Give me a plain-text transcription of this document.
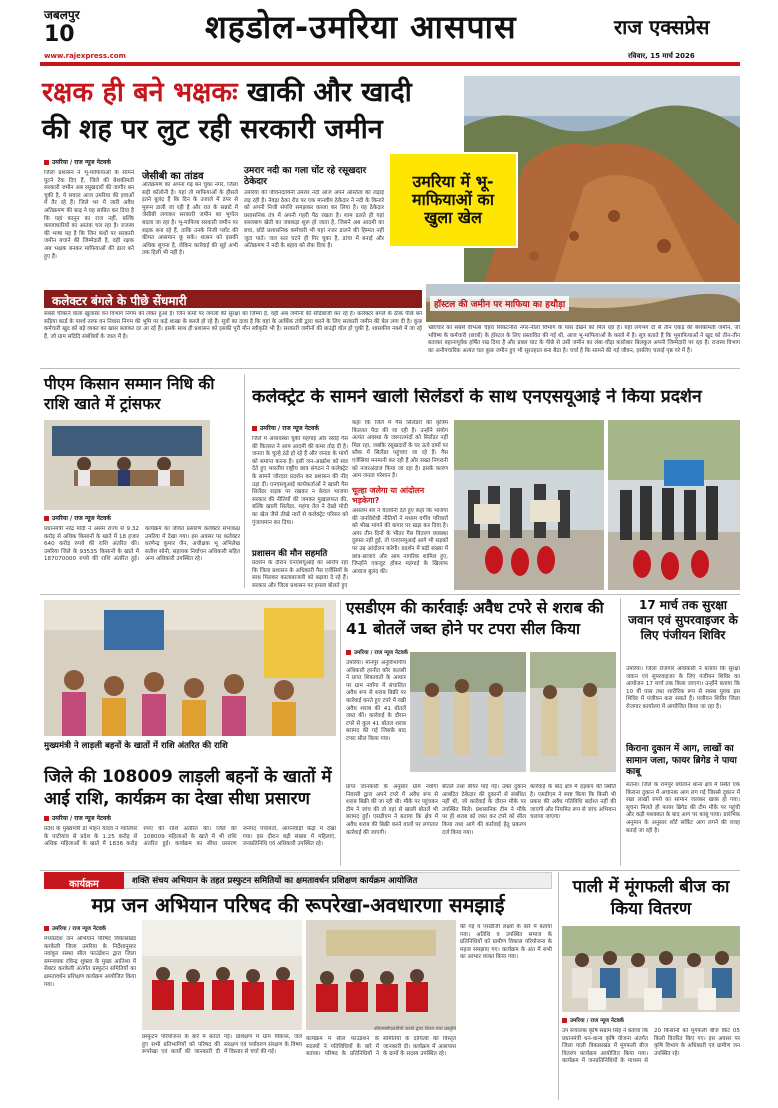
जबलपुर
10
www.rajexpress.com
शहडोल-उमरिया आसपास	राज एक्सप्रेस
रविवार, 15 मार्च 2026
रक्षक ही बने भक्षकः खाकी और खादी
की शह पर लुट रही सरकारी जमीन
उमरिया में भू-माफियाओं का खुला खेल
उमरिया / राज न्यूज नेटवर्क
जिला प्रशासन ने भू-माफियाओं के सामने घुटने टेक दिए हैं, जिले की बेशकीमती सरकारी जमीन अब रसूखदारों की जागीर बन चुकी है, ये सवाल आज उमरिया की हवाओं में तैर रहे हैं। जिले भर में जारी अवैध अतिक्रमण की बाढ़ ने यह साबित कर दिया है कि यहां कानून का राज नहीं, बल्कि कब्जाधारियों का आतंक चल रहा है। राजस्व की भाषा यह है कि जिन कंधों पर सरकारी जमीन बचाने की जिम्मेदारी है, वही रक्षक अब भक्षक बनकर माफियाओं की ढाल बने हुए हैं।
जेसीबी का तांडव
अतिक्रमण का अपना गढ़ बन चुका नगर, जिला सड़ी कॉलोनी है। यहां तो माफियाओं के हौसले इतने बुलंद हैं कि दिन के उजाले में डंपर से मुरूम डाली जा रही है और रात के सन्नाटे में जेसीबी लगाकर सरकारी जमीन का भूगोल बदला जा रहा है। भू-माफिया सरकारी जमीन पर सड़क बना रहे हैं, ताकि उनके निजी प्लॉट की कीमत आसमान छू सके। शासन को इसकी अधिक सूचना है, लेकिन कार्रवाई की सूई अभी तक हिली भी नहीं है।
उमरार नदी का गला घोंट रहे रसूखदार ठेकेदार
उमरिया की जीवनदायिनी उमरार नदी आज अपने अस्तित्व की लड़ाई लड़ रही है। नेवढ़ा ठेका रोड पर एक मानवीय ठेकेदार ने नदी के किनारे को अपनी निजी संपत्ति समझकर कब्जा कर लिया है। यह ठेकेदार प्रशासनिक तंत्र में अपनी गहरी पैठ रखता है। शाम ढलते ही यहां सब्जबाग खेती का जबकड़ा शुरू हो जाता है, जिसने अब आदमी का बचा, छोटे प्रशासनिक कर्मचारी भी यहां नजर डालने की हिम्मत नहीं जुटा पाते। जल स्तर घटने ही गिर चुका है, ढांचा में बनाई और अतिक्रमण ने नदी के बहाव को रोक दिया है।
कलेक्टर बंगले के पीछे सेंधमारी
सबसे चौंकाने वाला खुलासा वन विभाग निगम को लेकर हुआ है। जिन कर्मों पर जंगलों की सुरक्षा का जिम्मा है, वही अब जमीनों की सौदेबाजी कर रहे हैं। कलेक्टर बंगले के ठीक पीछे बने सड़िया कार्ड के पार्श्व तरफ वन निवास निगम की भूमि पर कड़े शाखा के कब्जे हो रहे हैं। सूत्रों का दावा है कि वहां के आर्थिक तंत्री द्वारा करने के लिए सरकारी जमीन की बेल लगा दी है। कुछ कर्मचारी खुद को बड़े व्यक्त का खास बताकर दर आ रहे हैं। इसके साथ ही प्रशासन को इसकी पूरी मौन स्वीकृति भी है। सरकारी जमीनों की बाउंड्री वॉल हो चुकी है, शासकीय नक्शे में जा रहे हैं, जो ग्राम सदिदि संबंधियों के जाल में है।
हॉस्टल की जमीन पर माफिया का हथौड़ा
भ्रष्टाचार का सबसे वीभत्स चेहरा सिकटनीरा नगर-नीला विभाग के पास देखने को मिल रहा है। यहाँ लगभग दो से तीन एकड़ की बेशकीमती जमीन, जो भविष्य के कर्मचारी (छात्रों) के हॉस्टल के लिए प्रस्तावित की गई थी, आज भू-माफियाओं के कब्जे में है। सूत्र बताते हैं कि भूमाफियाओं ने खुद को तीन-तीन बताकर बहानापूर्वक हर्षित रख दिया है और प्रबल घाट के पीछे से उसी जमीन का लंबा-चौड़ा कारोबार बिलकुल अपनी जिम्मेदारी पर रहा है। राजस्व विभाग का अनौपचारिक अत्यंत चल कुछ जमीन हुए भी सूरतहाल बना बैठा है। चर्चा है कि सामने की गई जीवन, इसलिए चलाई पृष्ठ परे में हैं।
पीएम किसान सम्मान निधि की राशि खाते में ट्रांसफर
उमरिया / राज न्यूज नेटवर्क
प्रधानमंत्री नरेंद्र मोदी ने असम राज्य से 9.32 करोड़ से अधिक किसानों के खाते में 18 हजार 640 करोड़ रुपये की राशि अंतरित की। उमरिया जिले के 93535 किसानों के खाते में 187070000 रुपये की राशि अंतरित हुई। कार्यक्रम का जीवंत प्रसारण कलेक्टर सभाकक्ष उमरिया में देखा गया। इस अवसर पर कलेक्टर धरणेन्द्र कुमार जैन, अधीक्षक भू अभिलेख सतीश सोनी, सहायक निर्वाचन अधिकारी सहित अन्य अधिकारी उपस्थित रहे।
कलेक्ट्रेट के सामने खाली सिलेंडरों के साथ एनएसयूआई ने किया प्रदर्शन
उमरिया / राज न्यूज नेटवर्क
जिले में अव्यवस्था चुकी महंगाई और रसोई गैस की किल्लत ने आम आदमी की कमर तोड़ दी है। जनता के चूल्हे ठंडे हो रहे हैं और जनता के मांगों को समाप्त करना है। इसी जन-आक्रोश को स्वर देते हुए भारतीय राष्ट्रीय छात्र संगठन ने कलेक्ट्रेट के सामने जोरदार प्रदर्शन कर प्रशासन की नींद उड़ा दी। एनएसयूआई कार्यकर्ताओं ने खाली गैस सिलेंडर सड़क पर रखकर न केवल भाजपा सरकार की नीतियों की जमकर मुखालफत की, बल्कि खाली सिलेंडर, महंगा तेल ने देखो मोदी का खेल जैसे तीखे नारों से कलेक्ट्रेट परिसर को गुंजायमान कर दिया।
प्रशासन की मौन सहमति
प्रदर्शन के दौरान एनएसयूआई का आरोप रहा कि जिला प्रशासन के अधिकारी गैस एजेंसियों के साथ मिलकर कालाबाजारी को बढ़ावा दे रहे हैं। सरकार और जिला प्रशासन पर हमला बोलते हुए
कहा कि जिले में गैस सिलेंडरों की कृत्रिम किल्लत पैदा की जा रही है। उन्होंने संयोग अत्यंत अवस्था के जरूरतमंदों को सिलेंडर नहीं मिल रहा, जबकि रसूखदारों के घर ऊंचे दामों पर ब्लैक में सिलेंडर पहुंचाए जा रहे हैं। गैस एजेंसियां मनमानी कर रही हैं और सख्त निगरानी को नजरअंदाज किया जा रहा है। इसके कारण आम जनता परेशान है।
चूल्हा जलेगा या आंदोलन भड़केगा?
असलम शेर ने चेतावनी देते हुए कहा कि भाजपा की जनविरोधी नीतियों ने मध्यम वर्गीय परिवारों को भीख मांगने की कगार पर खड़ा कर दिया है। अगर तीन दिनों के भीतर गैस वितरण व्यवस्था दुरुस्त नहीं हुई, तो एनएसयूआई आगे भी सड़कों पर उग्र आंदोलन करेगी। प्रदर्शन में बड़ी संख्या में छात्र-छात्राएं और आम नागरिक शामिल हुए, जिन्होंने एकजुट होकर महंगाई के खिलाफ आवाज बुलंद की।
मुख्यमंत्री ने लाड़ली बहनों के खातों में राशि अंतरित की राशि
जिले की 108009 लाड़ली बहनों के खातों में आई राशि, कार्यक्रम का देखा सीधा प्रसारण
उमरिया / राज न्यूज नेटवर्क
प्रदेश के मुख्यमंत्री डॉ मोहन यादव ने ग्वालियर के पाटीयांव से प्रदेश के 1.25 करोड़ से अधिक महिलाओं के खाते में 1836 करोड़ रुपए की राशि अंतरित की। जिले की 108009 महिलाओं के खाते में भी राशि अंतरित हुई। कार्यक्रम का सीधा प्रसारण जनपद पंचायतों, आंगनवाड़ी केंद्रों में देखा गया। इस दौरान बड़ी संख्या में महिलाएं, जनप्रतिनिधि एवं अधिकारी उपस्थित रहे।
एसडीएम की कार्रवाईः अवैध टपरे से शराब की 41 बोतलें जब्त होने पर टपरा सील किया
उमरिया / राज न्यूज नेटवर्क
उमरिया। मानपुर अनुविभागीय अधिकारी हरनीत कौर कलसी ने प्राप्त शिकायतों के आधार पर ग्राम नवाँगा में संचालित अवैध रूप से शराब बिक्री पर कार्रवाई करते हुए टपरे में रखी अवैध शराब की 41 बोतलें जब्त कीं। कार्रवाई के दौरान टपरे से कुल 41 बोतल शराब बरामद की गई जिसके बाद टपरा सील किया गया।
प्राप्त जानकारी के अनुसार ग्राम नवाँगा निवासी द्वारा अपने टपरे में अवैध रूप से शराब बिक्री की जा रही थी। मौके पर पहुंचकर टीम ने जांच की तो वहां से खाली बोतलें भी बरामद हुईं। एसडीएम ने बताया कि क्षेत्र में अवैध शराब की बिक्री करने वालों पर लगातार कार्रवाई की जाएगी।
बोतलें तथा बीयर पाई गई। उक्त दुकान आबंटित ठेकेदार की दुकानों से संबंधित नहीं थी, जो कार्रवाई के दौरान मौके पर उपस्थित मिले। प्रशासनिक टीम ने मौके पर ही शराब को जब्त कर टपरे को सील किया तथा आगे की कार्रवाई हेतु प्रकरण दर्ज किया गया।
कार्रवाई के बाद क्षेत्र में हड़कंप की स्थिति है। एसडीएम ने स्पष्ट किया कि किसी भी प्रकार की अवैध गतिविधि बर्दाश्त नहीं की जाएगी और नियमित रूप से जांच अभियान चलाया जाएगा।
17 मार्च तक सुरक्षा जवान एवं सुपरवाइजर के लिए पंजीयन शिविर
उमरिया। जिला रोजगार अधिकारी ने बताया कि सुरक्षा जवान एवं सुपरवाइजर के लिए पंजीयन शिविर का आयोजन 17 मार्च तक किया जाएगा। उन्होंने बताया कि 10 वीं पास तथा शारीरिक रूप से स्वस्थ युवक इस शिविर में पंजीयन करा सकते हैं। पंजीयन शिविर जिला रोजगार कार्यालय में आयोजित किया जा रहा है।
किराना दुकान में आग, लाखों का सामान जला, फायर ब्रिगेड ने पाया काबू
सतना। जिले के रामपुर बघेलान थाना क्षेत्र में स्थित एक किराना दुकान में अचानक आग लग गई जिससे दुकान में रखा लाखों रुपये का सामान जलकर खाक हो गया। सूचना मिलते ही फायर ब्रिगेड की टीम मौके पर पहुंची और कड़ी मशक्कत के बाद आग पर काबू पाया। प्रारंभिक अनुमान के अनुसार शॉर्ट सर्किट आग लगने की वजह बताई जा रही है।
कार्यक्रम	शक्ति संचय अभियान के तहत प्रस्फुटन समितियों का क्षमतावर्धन प्रशिक्षण कार्यक्रम आयोजित
मप्र जन अभियान परिषद की रूपरेखा-अवधारणा समझाई
उमरिया / राज न्यूज नेटवर्क
मध्यप्रदेश जन अभियान परिषद विकासखंड करकेली जिला उमरिया के निर्देशानुसार नवांकुर संस्था सील फाउंडेशन द्वारा जिला समन्वयक रविन्द्र शुक्ला के मुख्य आतिथ्य में सेक्टर करकेली अंतर्गत प्रस्फुटन समितियों का क्षमतावर्धन प्रशिक्षण कार्यक्रम आयोजित किया गया।
सीएमसीएलडीपी छात्रों द्वारा किया गया प्रस्तुति
प्रस्फुटन परियोजना के बारे में बताते हुए सभी प्रतिभागियों को परिषद की रूपरेखा एवं कार्यों की जानकारी दी गई। प्रशिक्षण में ग्राम विकास, जल संरक्षण एवं पर्यावरण संरक्षण के विषय में विस्तार से चर्चा की गई।
कार्यक्रम में सील फाउंडेशन के सदस्यों ने गतिविधियों के बारे में बताया। परिषद के प्रतिनिधियों ने समितियों के दायित्वों की विस्तृत जानकारी दी। कार्यक्रम में आसपास के ग्रामों के सदस्य उपस्थित रहे।
की गई व एसडीजी लक्ष्यों के बारे में बताया गया। अतिथि व उपस्थित समाज के प्रतिनिधियों को ग्रामीण विकास परियोजना के महत्व समझाए गए। कार्यक्रम के अंत में सभी का आभार व्यक्त किया गया।
पाली में मूंगफली बीज का किया वितरण
उमरिया / राज न्यूज नेटवर्क
उप संचालक कृषि संग्राम सिंह ने बताया कि प्रधानमंत्री धन-धान्य कृषि योजना अंतर्गत जिला पाली विकासखंड में मूंगफली बीज वितरण कार्यक्रम आयोजित किया गया। कार्यक्रम में जनप्रतिनिधियों के माध्यम से 20 किसानों को मूंगफली बीज किट 05 किलो वितरित किए गए। इस अवसर पर कृषि विभाग के अधिकारी एवं ग्रामीण जन उपस्थित रहे।
